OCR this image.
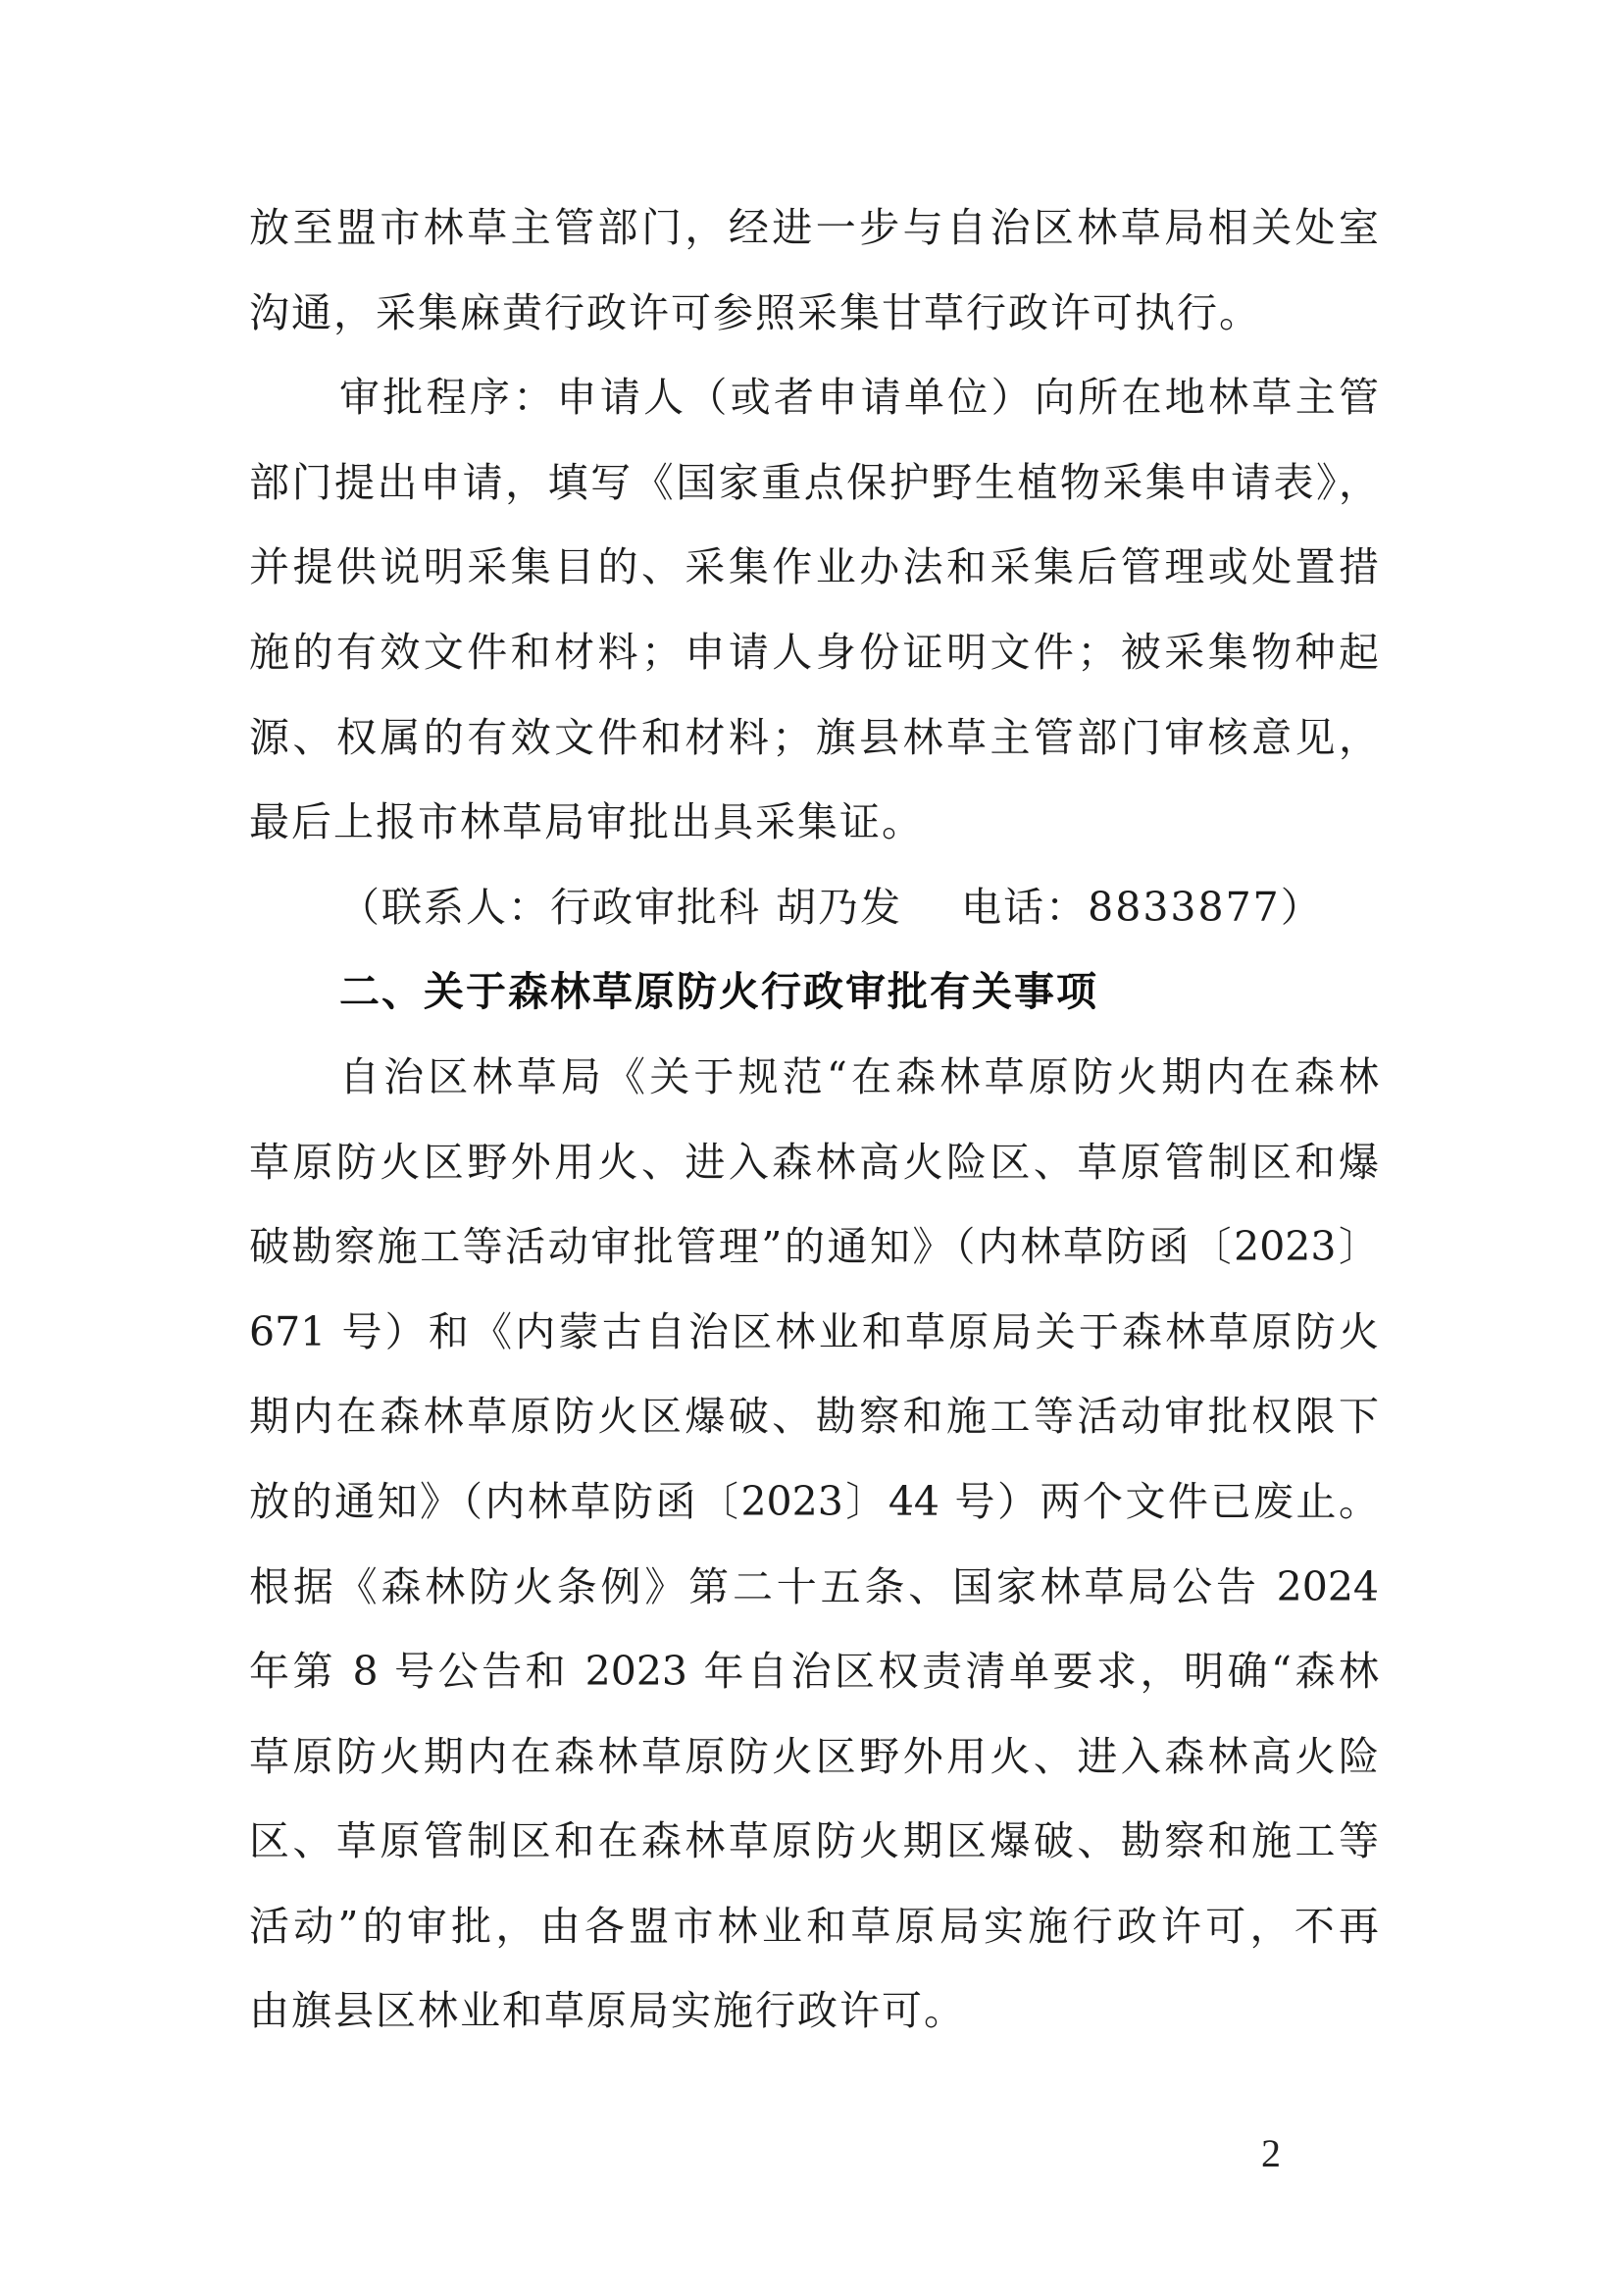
放至盟市林草主管部门，经进一步与自治区林草局相关处室
沟通，采集麻黄行政许可参照采集甘草行政许可执行。
审批程序：申请人（或者申请单位）向所在地林草主管
部门提出申请，填写《国家重点保护野生植物采集申请表》，
并提供说明采集目的、采集作业办法和采集后管理或处置措
施的有效文件和材料；申请人身份证明文件；被采集物种起
源、权属的有效文件和材料；旗县林草主管部门审核意见，
最后上报市林草局审批出具采集证。
（联系人：行政审批科 胡乃发    电话：8833877）
二、关于森林草原防火行政审批有关事项
自治区林草局《关于规范“在森林草原防火期内在森林
草原防火区野外用火、进入森林高火险区、草原管制区和爆
破勘察施工等活动审批管理”的通知》（内林草防函〔2023〕
671 号）和《内蒙古自治区林业和草原局关于森林草原防火
期内在森林草原防火区爆破、勘察和施工等活动审批权限下
放的通知》（内林草防函〔2023〕44 号）两个文件已废止。
根据《森林防火条例》第二十五条、国家林草局公告 2024
年第 8 号公告和 2023 年自治区权责清单要求，明确“森林
草原防火期内在森林草原防火区野外用火、进入森林高火险
区、草原管制区和在森林草原防火期区爆破、勘察和施工等
活动”的审批，由各盟市林业和草原局实施行政许可，不再
由旗县区林业和草原局实施行政许可。
2
